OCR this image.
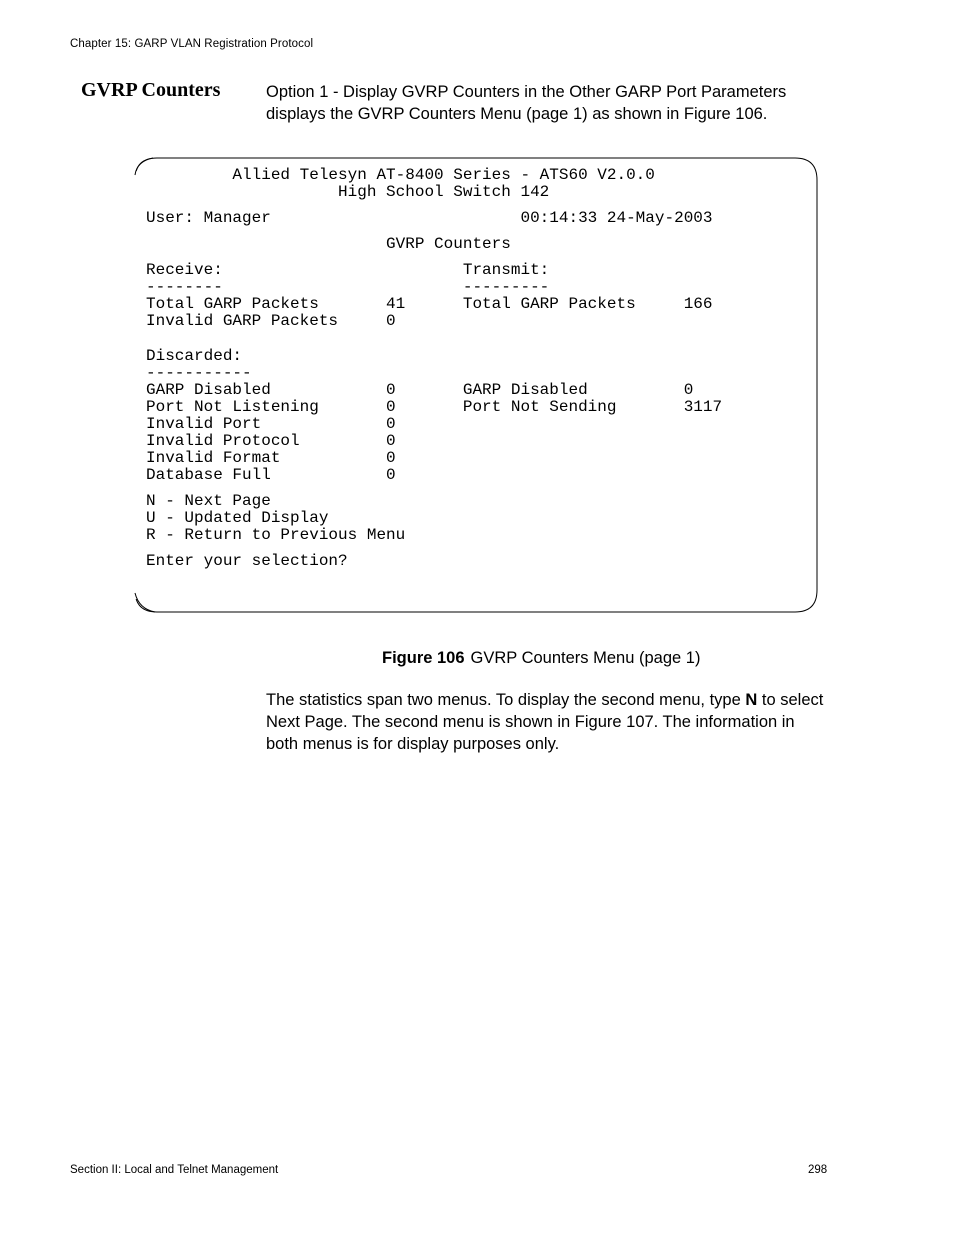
Chapter 15: GARP VLAN Registration Protocol
GVRP Counters	Option 1 - Display GVRP Counters in the Other GARP Port Parameters displays the GVRP Counters Menu (page 1) as shown in Figure 106.

Allied Telesyn AT-8400 Series - ATS60 V2.0.0
High School Switch 142
User: Manager                          00:14:33 24-May-2003
GVRP Counters
Receive:                         Transmit:
--------                         ---------
Total GARP Packets       41      Total GARP Packets     166
Invalid GARP Packets     0
Discarded:
-----------
GARP Disabled            0       GARP Disabled          0
Port Not Listening       0       Port Not Sending       3117
Invalid Port             0
Invalid Protocol         0
Invalid Format           0
Database Full            0
N - Next Page
U - Updated Display
R - Return to Previous Menu
Enter your selection?
Figure 106 GVRP Counters Menu (page 1)

The statistics span two menus. To display the second menu, type N to select Next Page. The second menu is shown in Figure 107. The information in both menus is for display purposes only.

Section II: Local and Telnet Management	298
